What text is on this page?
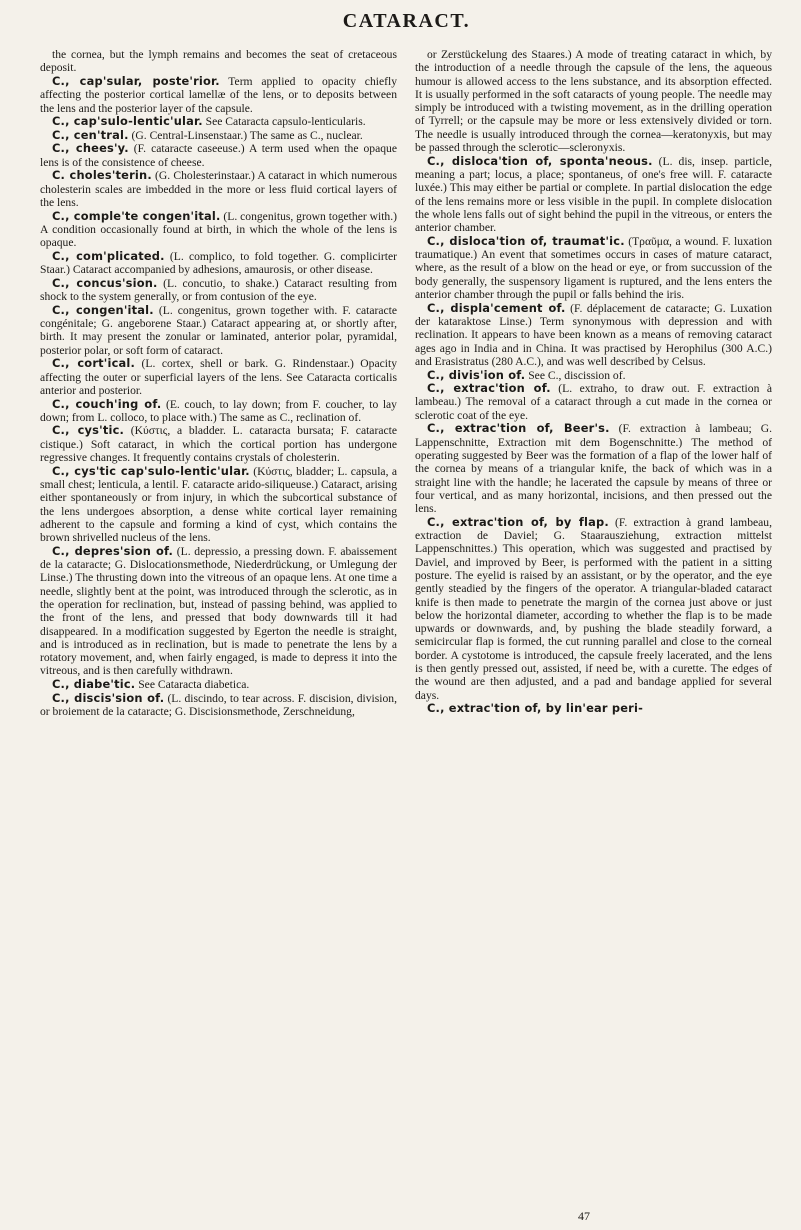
CATARACT.

the cornea, but the lymph remains and becomes the seat of cretaceous deposit.

C., cap'sular, poste'rior. Term applied to opacity chiefly affecting the posterior cortical lamellæ of the lens, or to deposits between the lens and the posterior layer of the capsule.

C., cap'sulo-lentic'ular. See Cataracta capsulo-lenticularis.

C., cen'tral. (G. Central-Linsenstaar.) The same as C., nuclear.

C., chees'y. (F. cataracte caseeuse.) A term used when the opaque lens is of the consistence of cheese.

C. choles'terin. (G. Cholesterinstaar.) A cataract in which numerous cholesterin scales are imbedded in the more or less fluid cortical layers of the lens.

C., comple'te congen'ital. (L. congenitus, grown together with.) A condition occasionally found at birth, in which the whole of the lens is opaque.

C., com'plicated. (L. complico, to fold together. G. complicirter Staar.) Cataract accompanied by adhesions, amaurosis, or other disease.

C., concus'sion. (L. concutio, to shake.) Cataract resulting from shock to the system generally, or from contusion of the eye.

C., congen'ital. (L. congenitus, grown together with. F. cataracte congénitale; G. angeborene Staar.) Cataract appearing at, or shortly after, birth. It may present the zonular or laminated, anterior polar, pyramidal, posterior polar, or soft form of cataract.

C., cort'ical. (L. cortex, shell or bark. G. Rindenstaar.) Opacity affecting the outer or superficial layers of the lens. See Cataracta corticalis anterior and posterior.

C., couch'ing of. (E. couch, to lay down; from F. coucher, to lay down; from L. colloco, to place with.) The same as C., reclination of.

C., cys'tic. (Κύστις, a bladder. L. cataracta bursata; F. cataracte cistique.) Soft cataract, in which the cortical portion has undergone regressive changes. It frequently contains crystals of cholesterin.

C., cys'tic cap'sulo-lentic'ular. (Κύστις, bladder; L. capsula, a small chest; lenticula, a lentil. F. cataracte arido-siliqueuse.) Cataract, arising either spontaneously or from injury, in which the subcortical substance of the lens undergoes absorption, a dense white cortical layer remaining adherent to the capsule and forming a kind of cyst, which contains the brown shrivelled nucleus of the lens.

C., depres'sion of. (L. depressio, a pressing down. F. abaissement de la cataracte; G. Dislocationsmethode, Niederdrückung, or Umlegung der Linse.) The thrusting down into the vitreous of an opaque lens. At one time a needle, slightly bent at the point, was introduced through the sclerotic, as in the operation for reclination, but, instead of passing behind, was applied to the front of the lens, and pressed that body downwards till it had disappeared. In a modification suggested by Egerton the needle is straight, and is introduced as in reclination, but is made to penetrate the lens by a rotatory movement, and, when fairly engaged, is made to depress it into the vitreous, and is then carefully withdrawn.

C., diabe'tic. See Cataracta diabetica.

C., discis'sion of. (L. discindo, to tear across. F. discision, division, or broiement de la cataracte; G. Discisionsmethode, Zerschneidung,

or Zerstückelung des Staares.) A mode of treating cataract in which, by the introduction of a needle through the capsule of the lens, the aqueous humour is allowed access to the lens substance, and its absorption effected. It is usually performed in the soft cataracts of young people. The needle may simply be introduced with a twisting movement, as in the drilling operation of Tyrrell; or the capsule may be more or less extensively divided or torn. The needle is usually introduced through the cornea—keratonyxis, but may be passed through the sclerotic—scleronyxis.

C., disloca'tion of, sponta'neous. (L. dis, insep. particle, meaning a part; locus, a place; spontaneus, of one's free will. F. cataracte luxée.) This may either be partial or complete. In partial dislocation the edge of the lens remains more or less visible in the pupil. In complete dislocation the whole lens falls out of sight behind the pupil in the vitreous, or enters the anterior chamber.

C., disloca'tion of, traumat'ic. (Τραῦμα, a wound. F. luxation traumatique.) An event that sometimes occurs in cases of mature cataract, where, as the result of a blow on the head or eye, or from succussion of the body generally, the suspensory ligament is ruptured, and the lens enters the anterior chamber through the pupil or falls behind the iris.

C., displa'cement of. (F. déplacement de cataracte; G. Luxation der kataraktose Linse.) Term synonymous with depression and with reclination. It appears to have been known as a means of removing cataract ages ago in India and in China. It was practised by Herophilus (300 A.C.) and Erasistratus (280 A.C.), and was well described by Celsus.

C., divis'ion of. See C., discission of.

C., extrac'tion of. (L. extraho, to draw out. F. extraction à lambeau.) The removal of a cataract through a cut made in the cornea or sclerotic coat of the eye.

C., extrac'tion of, Beer's. (F. extraction à lambeau; G. Lappenschnitte, Extraction mit dem Bogenschnitte.) The method of operating suggested by Beer was the formation of a flap of the lower half of the cornea by means of a triangular knife, the back of which was in a straight line with the handle; he lacerated the capsule by means of three or four vertical, and as many horizontal, incisions, and then pressed out the lens.

C., extrac'tion of, by flap. (F. extraction à grand lambeau, extraction de Daviel; G. Staarausziehung, extraction mittelst Lappenschnittes.) This operation, which was suggested and practised by Daviel, and improved by Beer, is performed with the patient in a sitting posture. The eyelid is raised by an assistant, or by the operator, and the eye gently steadied by the fingers of the operator. A triangular-bladed cataract knife is then made to penetrate the margin of the cornea just above or just below the horizontal diameter, according to whether the flap is to be made upwards or downwards, and, by pushing the blade steadily forward, a semicircular flap is formed, the cut running parallel and close to the corneal border. A cystotome is introduced, the capsule freely lacerated, and the lens is then gently pressed out, assisted, if need be, with a curette. The edges of the wound are then adjusted, and a pad and bandage applied for several days.

C., extrac'tion of, by lin'ear peri-

47
